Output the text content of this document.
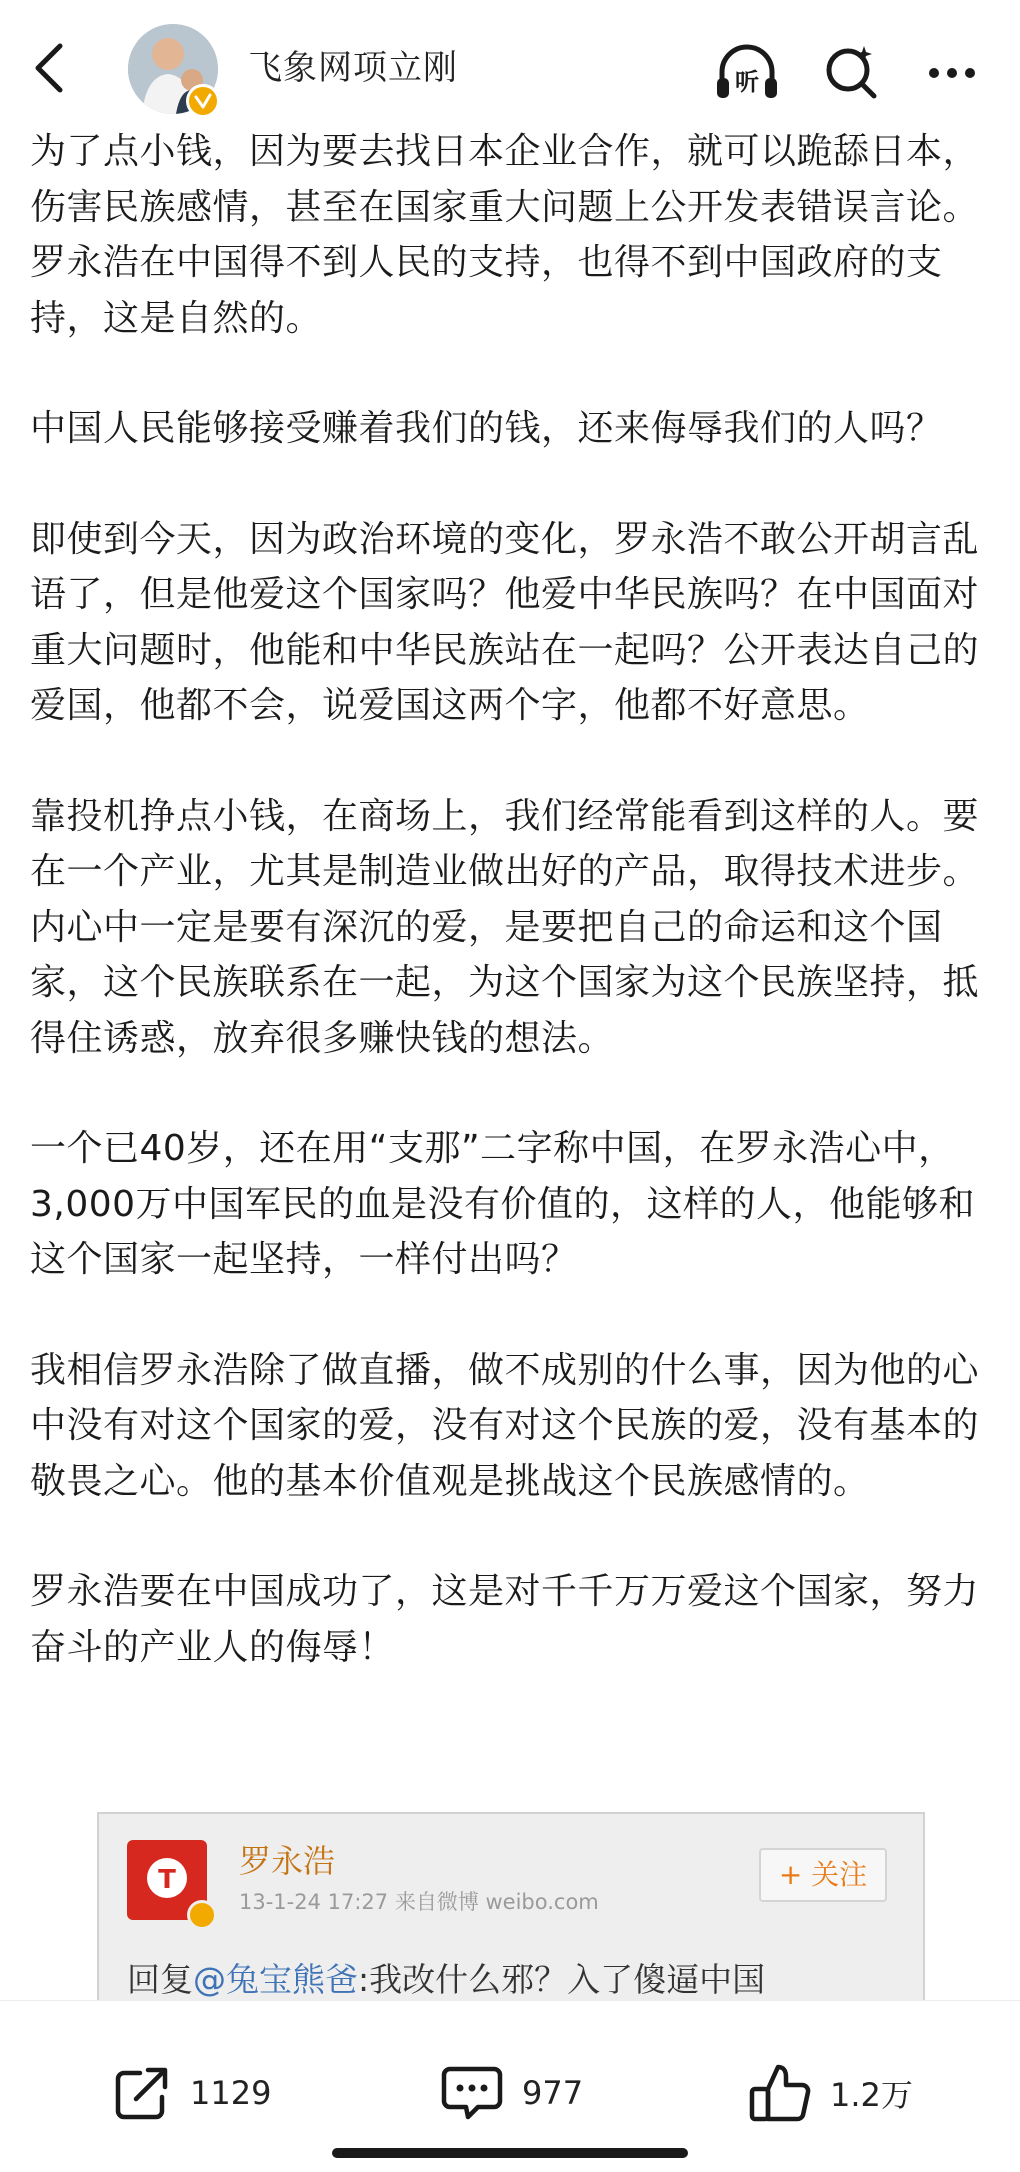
飞象网项立刚	听

为了点小钱，因为要去找日本企业合作，就可以跪舔日本，伤害民族感情，甚至在国家重大问题上公开发表错误言论。罗永浩在中国得不到人民的支持，也得不到中国政府的支持，这是自然的。

中国人民能够接受赚着我们的钱，还来侮辱我们的人吗？

即使到今天，因为政治环境的变化，罗永浩不敢公开胡言乱语了，但是他爱这个国家吗？他爱中华民族吗？在中国面对重大问题时，他能和中华民族站在一起吗？公开表达自己的爱国，他都不会，说爱国这两个字，他都不好意思。

靠投机挣点小钱，在商场上，我们经常能看到这样的人。要在一个产业，尤其是制造业做出好的产品，取得技术进步。内心中一定是要有深沉的爱，是要把自己的命运和这个国家，这个民族联系在一起，为这个国家为这个民族坚持，抵得住诱惑，放弃很多赚快钱的想法。

一个已40岁，还在用“支那”二字称中国，在罗永浩心中，3,000万中国军民的血是没有价值的，这样的人，他能够和这个国家一起坚持，一样付出吗？

我相信罗永浩除了做直播，做不成别的什么事，因为他的心中没有对这个国家的爱，没有对这个民族的爱，没有基本的敬畏之心。他的基本价值观是挑战这个民族感情的。

罗永浩要在中国成功了，这是对千千万万爱这个国家，努力奋斗的产业人的侮辱！

T 罗永浩
13-1-24 17:27 来自微博 weibo.com
+ 关注
回复@兔宝熊爸:我改什么邪？入了傻逼中国
1129	977	1.2万
